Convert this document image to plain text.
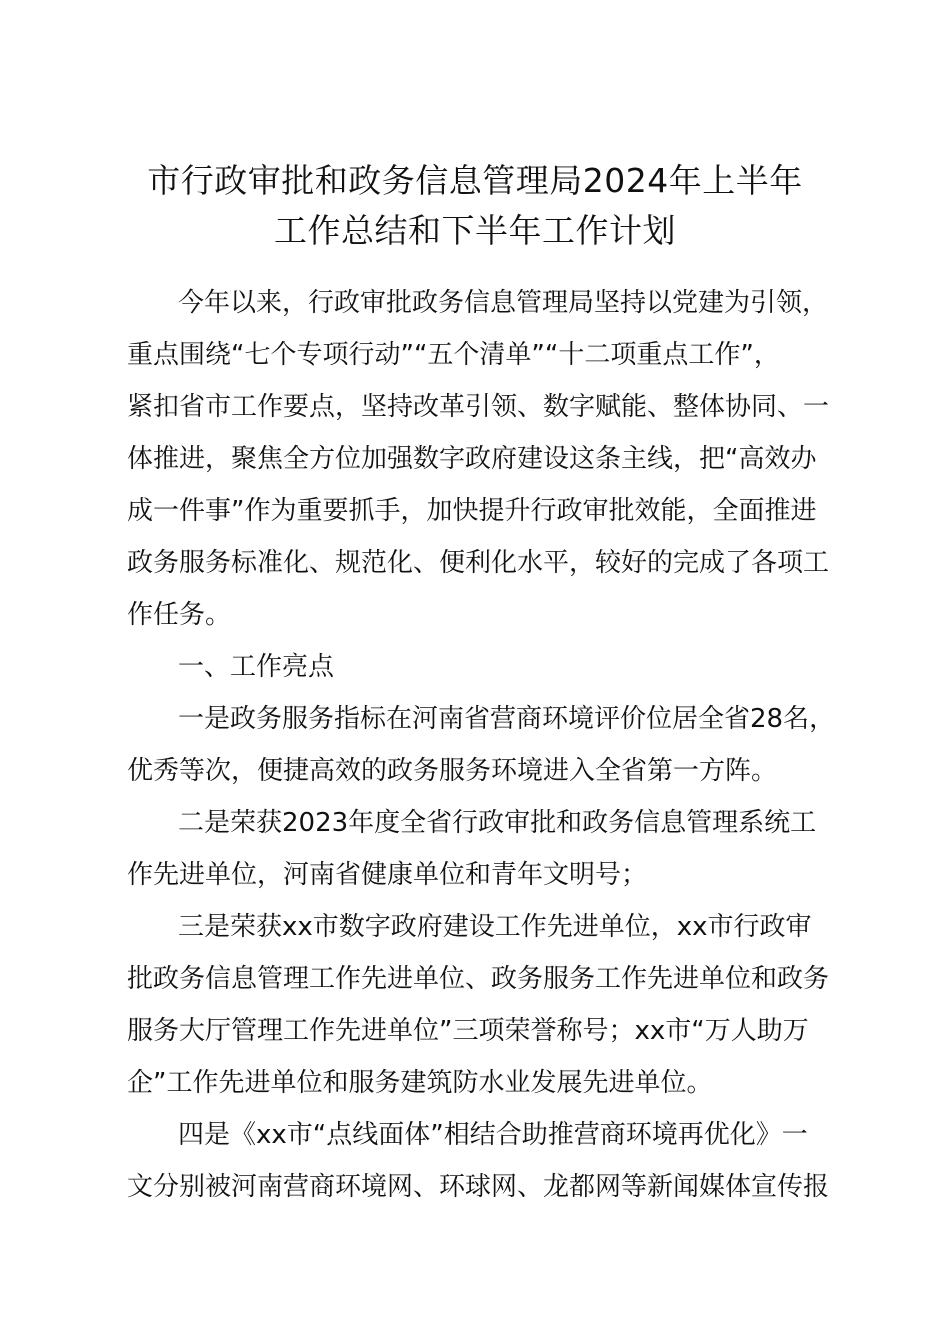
市行政审批和政务信息管理局2024年上半年
工作总结和下半年工作计划
今年以来，行政审批政务信息管理局坚持以党建为引领，
重点围绕“七个专项行动”“五个清单”“十二项重点工作”，
紧扣省市工作要点，坚持改革引领、数字赋能、整体协同、一
体推进，聚焦全方位加强数字政府建设这条主线，把“高效办
成一件事”作为重要抓手，加快提升行政审批效能，全面推进
政务服务标准化、规范化、便利化水平，较好的完成了各项工
作任务。
一、工作亮点
一是政务服务指标在河南省营商环境评价位居全省28名，
优秀等次，便捷高效的政务服务环境进入全省第一方阵。
二是荣获2023年度全省行政审批和政务信息管理系统工
作先进单位，河南省健康单位和青年文明号；
三是荣获xx市数字政府建设工作先进单位，xx市行政审
批政务信息管理工作先进单位、政务服务工作先进单位和政务
服务大厅管理工作先进单位”三项荣誉称号；xx市“万人助万
企”工作先进单位和服务建筑防水业发展先进单位。
四是《xx市“点线面体”相结合助推营商环境再优化》一
文分别被河南营商环境网、环球网、龙都网等新闻媒体宣传报
